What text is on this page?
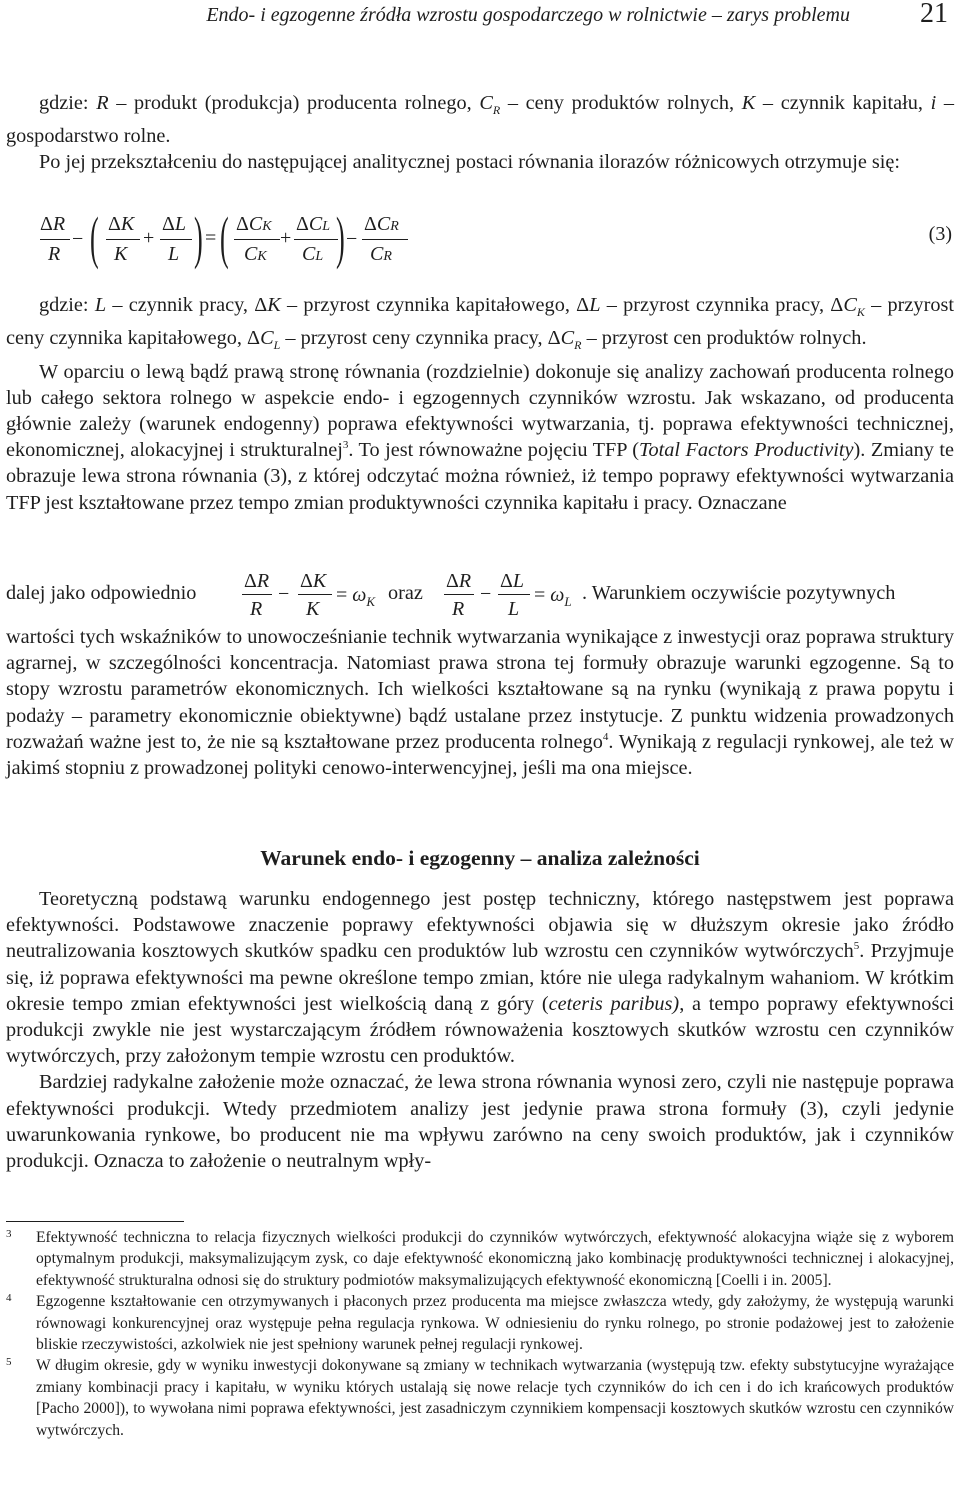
Endo- i egzogenne źródła wzrostu gospodarczego w rolnictwie – zarys problemu	21

gdzie: R – produkt (produkcja) producenta rolnego, $C_R$ – ceny produktów rolnych, K – czynnik kapitału, i – gospodarstwo rolne.

Po jej przekształceniu do następującej analitycznej postaci równania ilorazów różnicowych otrzymuje się:

ΔR
R
− ( ΔK
K
+
ΔL
L ) = ( ΔCK
CK
+
ΔCL
CL ) −
ΔCR
CR
(3)

gdzie: L – czynnik pracy, ΔK – przyrost czynnika kapitałowego, ΔL – przyrost czynnika pracy, $\Delta C_K$ – przyrost ceny czynnika kapitałowego, $\Delta C_L$ – przyrost ceny czynnika pracy, $\Delta C_R$ – przyrost cen produktów rolnych.

W oparciu o lewą bądź prawą stronę równania (rozdzielnie) dokonuje się analizy zachowań producenta rolnego lub całego sektora rolnego w aspekcie endo- i egzogennych czynników wzrostu. Jak wskazano, od producenta głównie zależy (warunek endogenny) poprawa efektywności wytwarzania, tj. poprawa efektywności technicznej, ekonomicznej, alokacyjnej i strukturalnej$^3$. To jest równoważne pojęciu TFP (Total Factors Productivity). Zmiany te obrazuje lewa strona równania (3), z której odczytać można również, iż tempo poprawy efektywności wytwarzania TFP jest kształtowane przez tempo zmian produktywności czynnika kapitału i pracy. Oznaczane

dalej jako odpowiednio
ΔR
R
−
ΔK
K
= $\omega_K$ oraz
ΔR
R
−
ΔL
L
= $\omega_L$ . Warunkiem oczywiście pozytywnych

wartości tych wskaźników to unowocześnianie technik wytwarzania wynikające z inwestycji oraz poprawa struktury agrarnej, w szczególności koncentracja. Natomiast prawa strona tej formuły obrazuje warunki egzogenne. Są to stopy wzrostu parametrów ekonomicznych. Ich wielkości kształtowane są na rynku (wynikają z prawa popytu i podaży – parametry ekonomicznie obiektywne) bądź ustalane przez instytucje. Z punktu widzenia prowadzonych rozważań ważne jest to, że nie są kształtowane przez producenta rolnego$^4$. Wynikają z regulacji rynkowej, ale też w jakimś stopniu z prowadzonej polityki cenowo-interwencyjnej, jeśli ma ona miejsce.

Warunek endo- i egzogenny – analiza zależności

Teoretyczną podstawą warunku endogennego jest postęp techniczny, którego następstwem jest poprawa efektywności. Podstawowe znaczenie poprawy efektywności objawia się w dłuższym okresie jako źródło neutralizowania kosztowych skutków spadku cen produktów lub wzrostu cen czynników wytwórczych$^5$. Przyjmuje się, iż poprawa efektywności ma pewne określone tempo zmian, które nie ulega radykalnym wahaniom. W krótkim okresie tempo zmian efektywności jest wielkością daną z góry (ceteris paribus), a tempo poprawy efektywności produkcji zwykle nie jest wystarczającym źródłem równoważenia kosztowych skutków wzrostu cen czynników wytwórczych, przy założonym tempie wzrostu cen produktów.

Bardziej radykalne założenie może oznaczać, że lewa strona równania wynosi zero, czyli nie następuje poprawa efektywności produkcji. Wtedy przedmiotem analizy jest jedynie prawa strona formuły (3), czyli jedynie uwarunkowania rynkowe, bo producent nie ma wpływu zarówno na ceny swoich produktów, jak i czynników produkcji. Oznacza to założenie o neutralnym wpły-

3 Efektywność techniczna to relacja fizycznych wielkości produkcji do czynników wytwórczych, efektywność alokacyjna wiąże się z wyborem optymalnym produkcji, maksymalizującym zysk, co daje efektywność ekonomiczną jako kombinację produktywności technicznej i alokacyjnej, efektywność strukturalna odnosi się do struktury podmiotów maksymalizujących efektywność ekonomiczną [Coelli i in. 2005].
4 Egzogenne kształtowanie cen otrzymywanych i płaconych przez producenta ma miejsce zwłaszcza wtedy, gdy założymy, że występują warunki równowagi konkurencyjnej oraz występuje pełna regulacja rynkowa. W odniesieniu do rynku rolnego, po stronie podażowej jest to założenie bliskie rzeczywistości, azkolwiek nie jest spełniony warunek pełnej regulacji rynkowej.
5 W długim okresie, gdy w wyniku inwestycji dokonywane są zmiany w technikach wytwarzania (występują tzw. efekty substytucyjne wyrażające zmiany kombinacji pracy i kapitału, w wyniku których ustalają się nowe relacje tych czynników do ich cen i do ich krańcowych produktów [Pacho 2000]), to wywołana nimi poprawa efektywności, jest zasadniczym czynnikiem kompensacji kosztowych skutków wzrostu cen czynników wytwórczych.
